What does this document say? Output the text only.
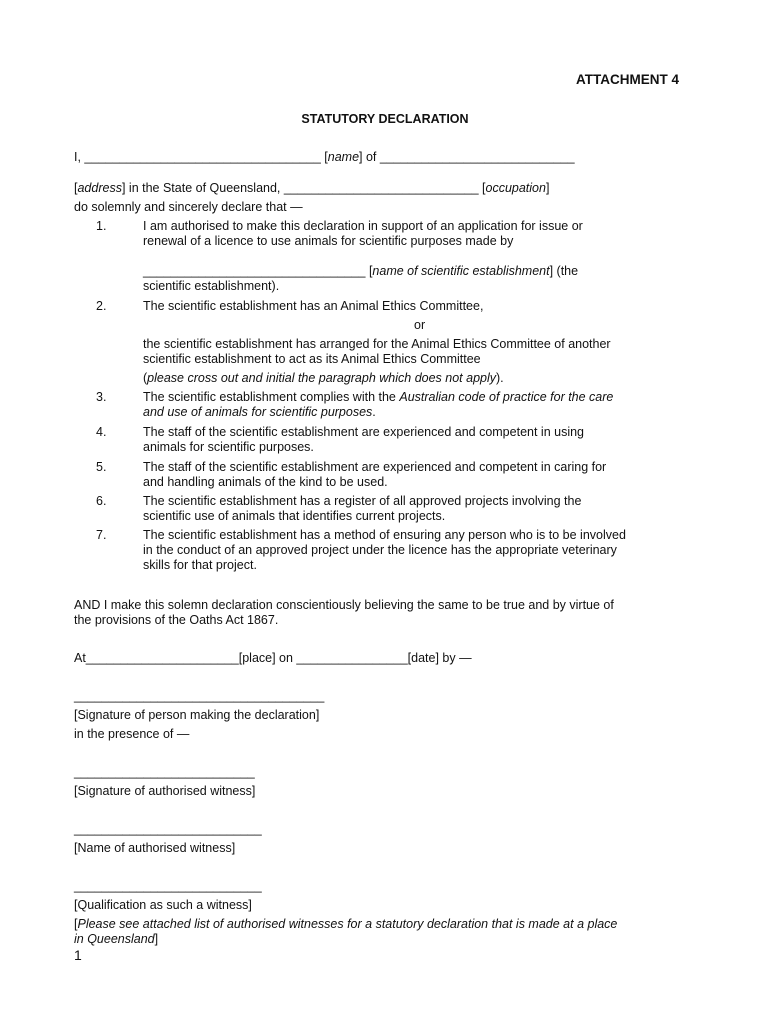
ATTACHMENT 4
STATUTORY DECLARATION
I, __________________________________ [name] of ____________________________
[address] in the State of Queensland, ____________________________ [occupation]
do solemnly and sincerely declare that —
1.	I am authorised to make this declaration in support of an application for issue or
renewal of a licence to use animals for scientific purposes made by
________________________________ [name of scientific establishment] (the
scientific establishment).
2.	The scientific establishment has an Animal Ethics Committee,
or
the scientific establishment has arranged for the Animal Ethics Committee of another
scientific establishment to act as its Animal Ethics Committee
(please cross out and initial the paragraph which does not apply).
3.	The scientific establishment complies with the Australian code of practice for the care
and use of animals for scientific purposes.
4.	The staff of the scientific establishment are experienced and competent in using
animals for scientific purposes.
5.	The staff of the scientific establishment are experienced and competent in caring for
and handling animals of the kind to be used.
6.	The scientific establishment has a register of all approved projects involving the
scientific use of animals that identifies current projects.
7.	The scientific establishment has a method of ensuring any person who is to be involved
in the conduct of an approved project under the licence has the appropriate veterinary
skills for that project.
AND I make this solemn declaration conscientiously believing the same to be true and by virtue of
the provisions of the Oaths Act 1867.
At______________________[place] on ________________[date] by —
____________________________________
[Signature of person making the declaration]
in the presence of —
__________________________
[Signature of authorised witness]
___________________________
[Name of authorised witness]
___________________________
[Qualification as such a witness]
[Please see attached list of authorised witnesses for a statutory declaration that is made at a place
in Queensland]
1
